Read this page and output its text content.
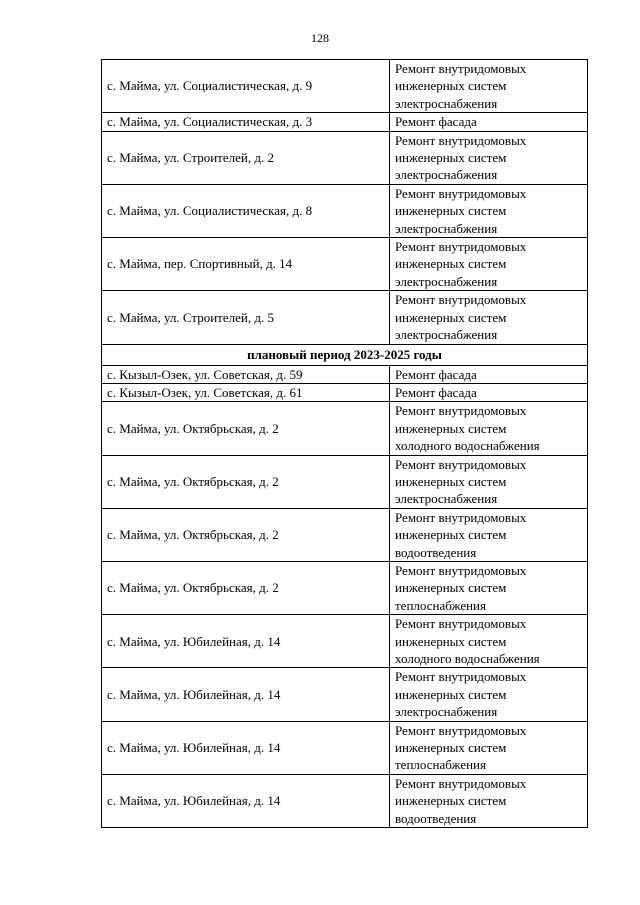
128
с. Майма, ул. Социалистическая, д. 9	Ремонт внутридомовых
инженерных систем
электроснабжения

с. Майма, ул. Социалистическая, д. 3	Ремонт фасада

с. Майма, ул. Строителей, д. 2	Ремонт внутридомовых
инженерных систем
электроснабжения

с. Майма, ул. Социалистическая, д. 8	Ремонт внутридомовых
инженерных систем
электроснабжения

с. Майма, пер. Спортивный, д. 14	Ремонт внутридомовых
инженерных систем
электроснабжения

с. Майма, ул. Строителей, д. 5	Ремонт внутридомовых
инженерных систем
электроснабжения

плановый период 2023-2025 годы	
с. Кызыл-Озек, ул. Советская, д. 59	Ремонт фасада

с. Кызыл-Озек, ул. Советская, д. 61	Ремонт фасада

с. Майма, ул. Октябрьская, д. 2	Ремонт внутридомовых
инженерных систем
холодного водоснабжения

с. Майма, ул. Октябрьская, д. 2	Ремонт внутридомовых
инженерных систем
электроснабжения

с. Майма, ул. Октябрьская, д. 2	Ремонт внутридомовых
инженерных систем
водоотведения

с. Майма, ул. Октябрьская, д. 2	Ремонт внутридомовых
инженерных систем
теплоснабжения

с. Майма, ул. Юбилейная, д. 14	Ремонт внутридомовых
инженерных систем
холодного водоснабжения

с. Майма, ул. Юбилейная, д. 14	Ремонт внутридомовых
инженерных систем
электроснабжения

с. Майма, ул. Юбилейная, д. 14	Ремонт внутридомовых
инженерных систем
теплоснабжения

с. Майма, ул. Юбилейная, д. 14	Ремонт внутридомовых
инженерных систем
водоотведения
